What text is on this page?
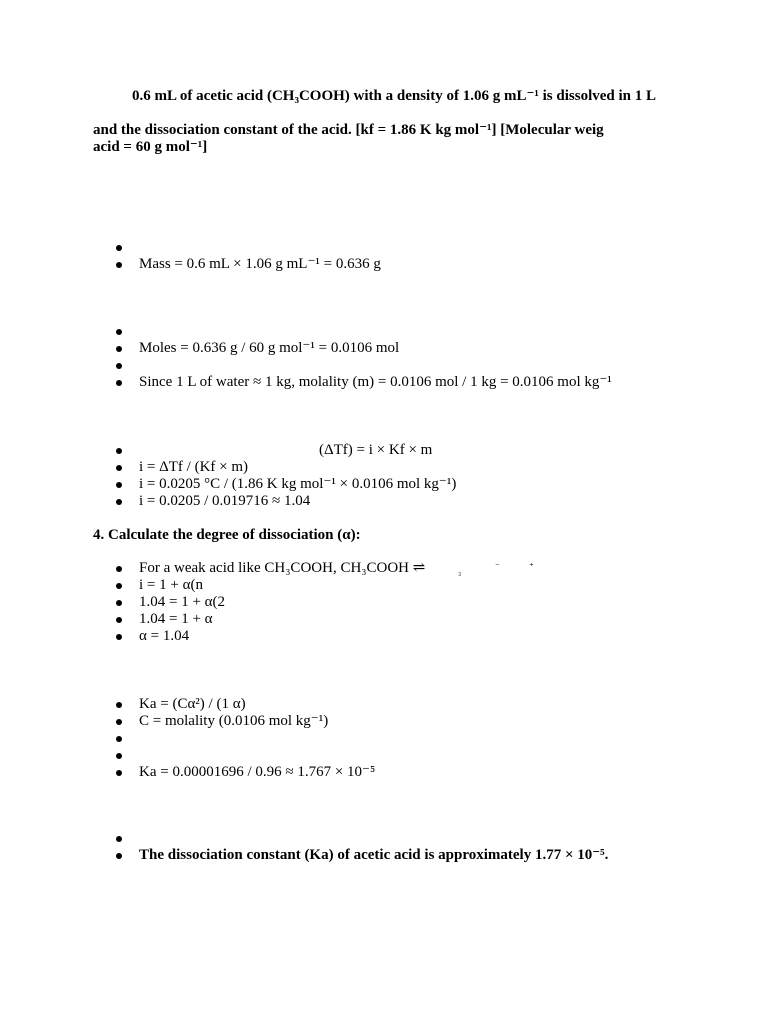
0.6 mL of acetic acid (CH₃COOH) with a density of 1.06 g mL⁻¹ is dissolved in 1 L
and the dissociation constant of the acid. [kf = 1.86 K kg mol⁻¹] [Molecular weig
acid = 60 g mol⁻¹]
Mass = 0.6 mL × 1.06 g mL⁻¹ = 0.636 g
Moles = 0.636 g / 60 g mol⁻¹ = 0.0106 mol
Since 1 L of water ≈ 1 kg, molality (m) = 0.0106 mol / 1 kg = 0.0106 mol kg⁻¹
(ΔTf) = i × Kf × m
i = ΔTf / (Kf × m)
i = 0.0205 °C / (1.86 K kg mol⁻¹ × 0.0106 mol kg⁻¹)
i = 0.0205 / 0.019716 ≈ 1.04
4. Calculate the degree of dissociation (α):
For a weak acid like CH₃COOH, CH₃COOH ⇌	₃	⁻	⁺
i = 1 + α(n
1.04 = 1 + α(2
1.04 = 1 + α
α = 1.04
Ka = (Cα²) / (1 α)
C = molality (0.0106 mol kg⁻¹)
Ka = 0.00001696 / 0.96 ≈ 1.767 × 10⁻⁵
The dissociation constant (Ka) of acetic acid is approximately 1.77 × 10⁻⁵.
